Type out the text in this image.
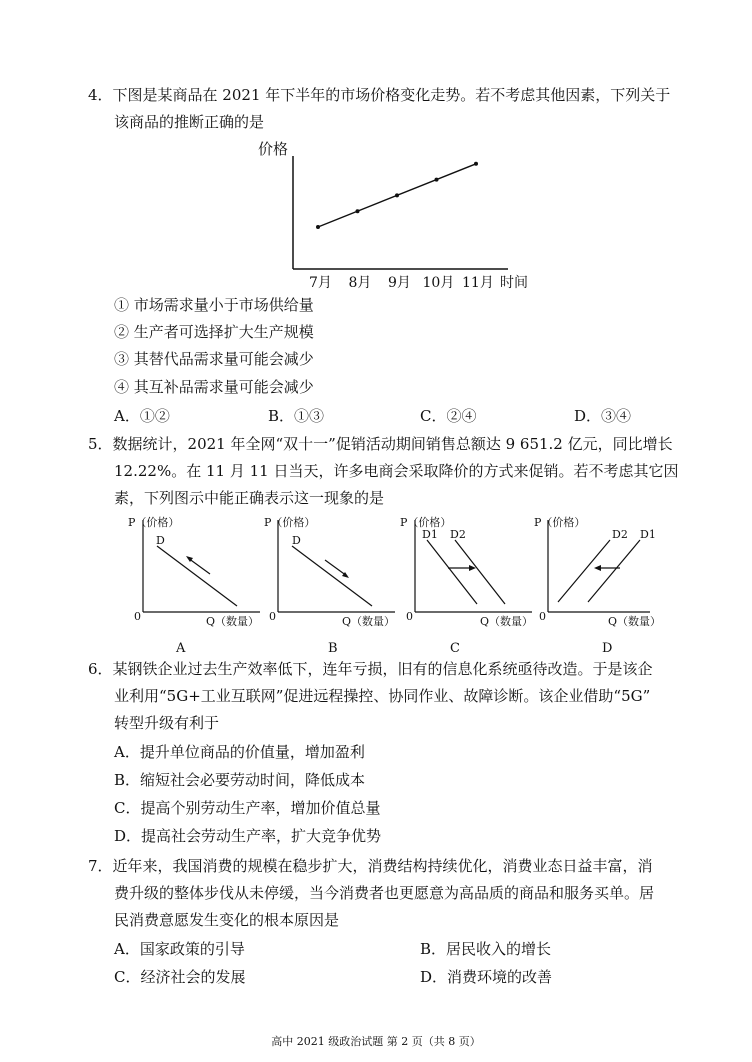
4．下图是某商品在 2021 年下半年的市场价格变化走势。若不考虑其他因素，下列关于
该商品的推断正确的是
价格
7月 8月 9月 10月 11月 时间
① 市场需求量小于市场供给量
② 生产者可选择扩大生产规模
③ 其替代品需求量可能会减少
④ 其互补品需求量可能会减少
A．①②	B．①③	C．②④	D．③④
5．数据统计，2021 年全网“双十一”促销活动期间销售总额达 9 651.2 亿元，同比增长
12.22%。在 11 月 11 日当天，许多电商会采取降价的方式来促销。若不考虑其它因
素，下列图示中能正确表示这一现象的是
P（价格）
0	Q（数量）
D
A
P（价格）
0	Q（数量）
D
B
P（价格）
0	Q（数量）
D1 D2
C
P（价格）
0	Q（数量）
D2 D1
D
6．某钢铁企业过去生产效率低下，连年亏损，旧有的信息化系统亟待改造。于是该企
业利用“5G+工业互联网”促进远程操控、协同作业、故障诊断。该企业借助“5G”
转型升级有利于
A．提升单位商品的价值量，增加盈利
B．缩短社会必要劳动时间，降低成本
C．提高个别劳动生产率，增加价值总量
D．提高社会劳动生产率，扩大竞争优势
7．近年来，我国消费的规模在稳步扩大，消费结构持续优化，消费业态日益丰富，消
费升级的整体步伐从未停缓，当今消费者也更愿意为高品质的商品和服务买单。居
民消费意愿发生变化的根本原因是
A．国家政策的引导	B．居民收入的增长
C．经济社会的发展	D．消费环境的改善
高中 2021 级政治试题 第 2 页（共 8 页）
